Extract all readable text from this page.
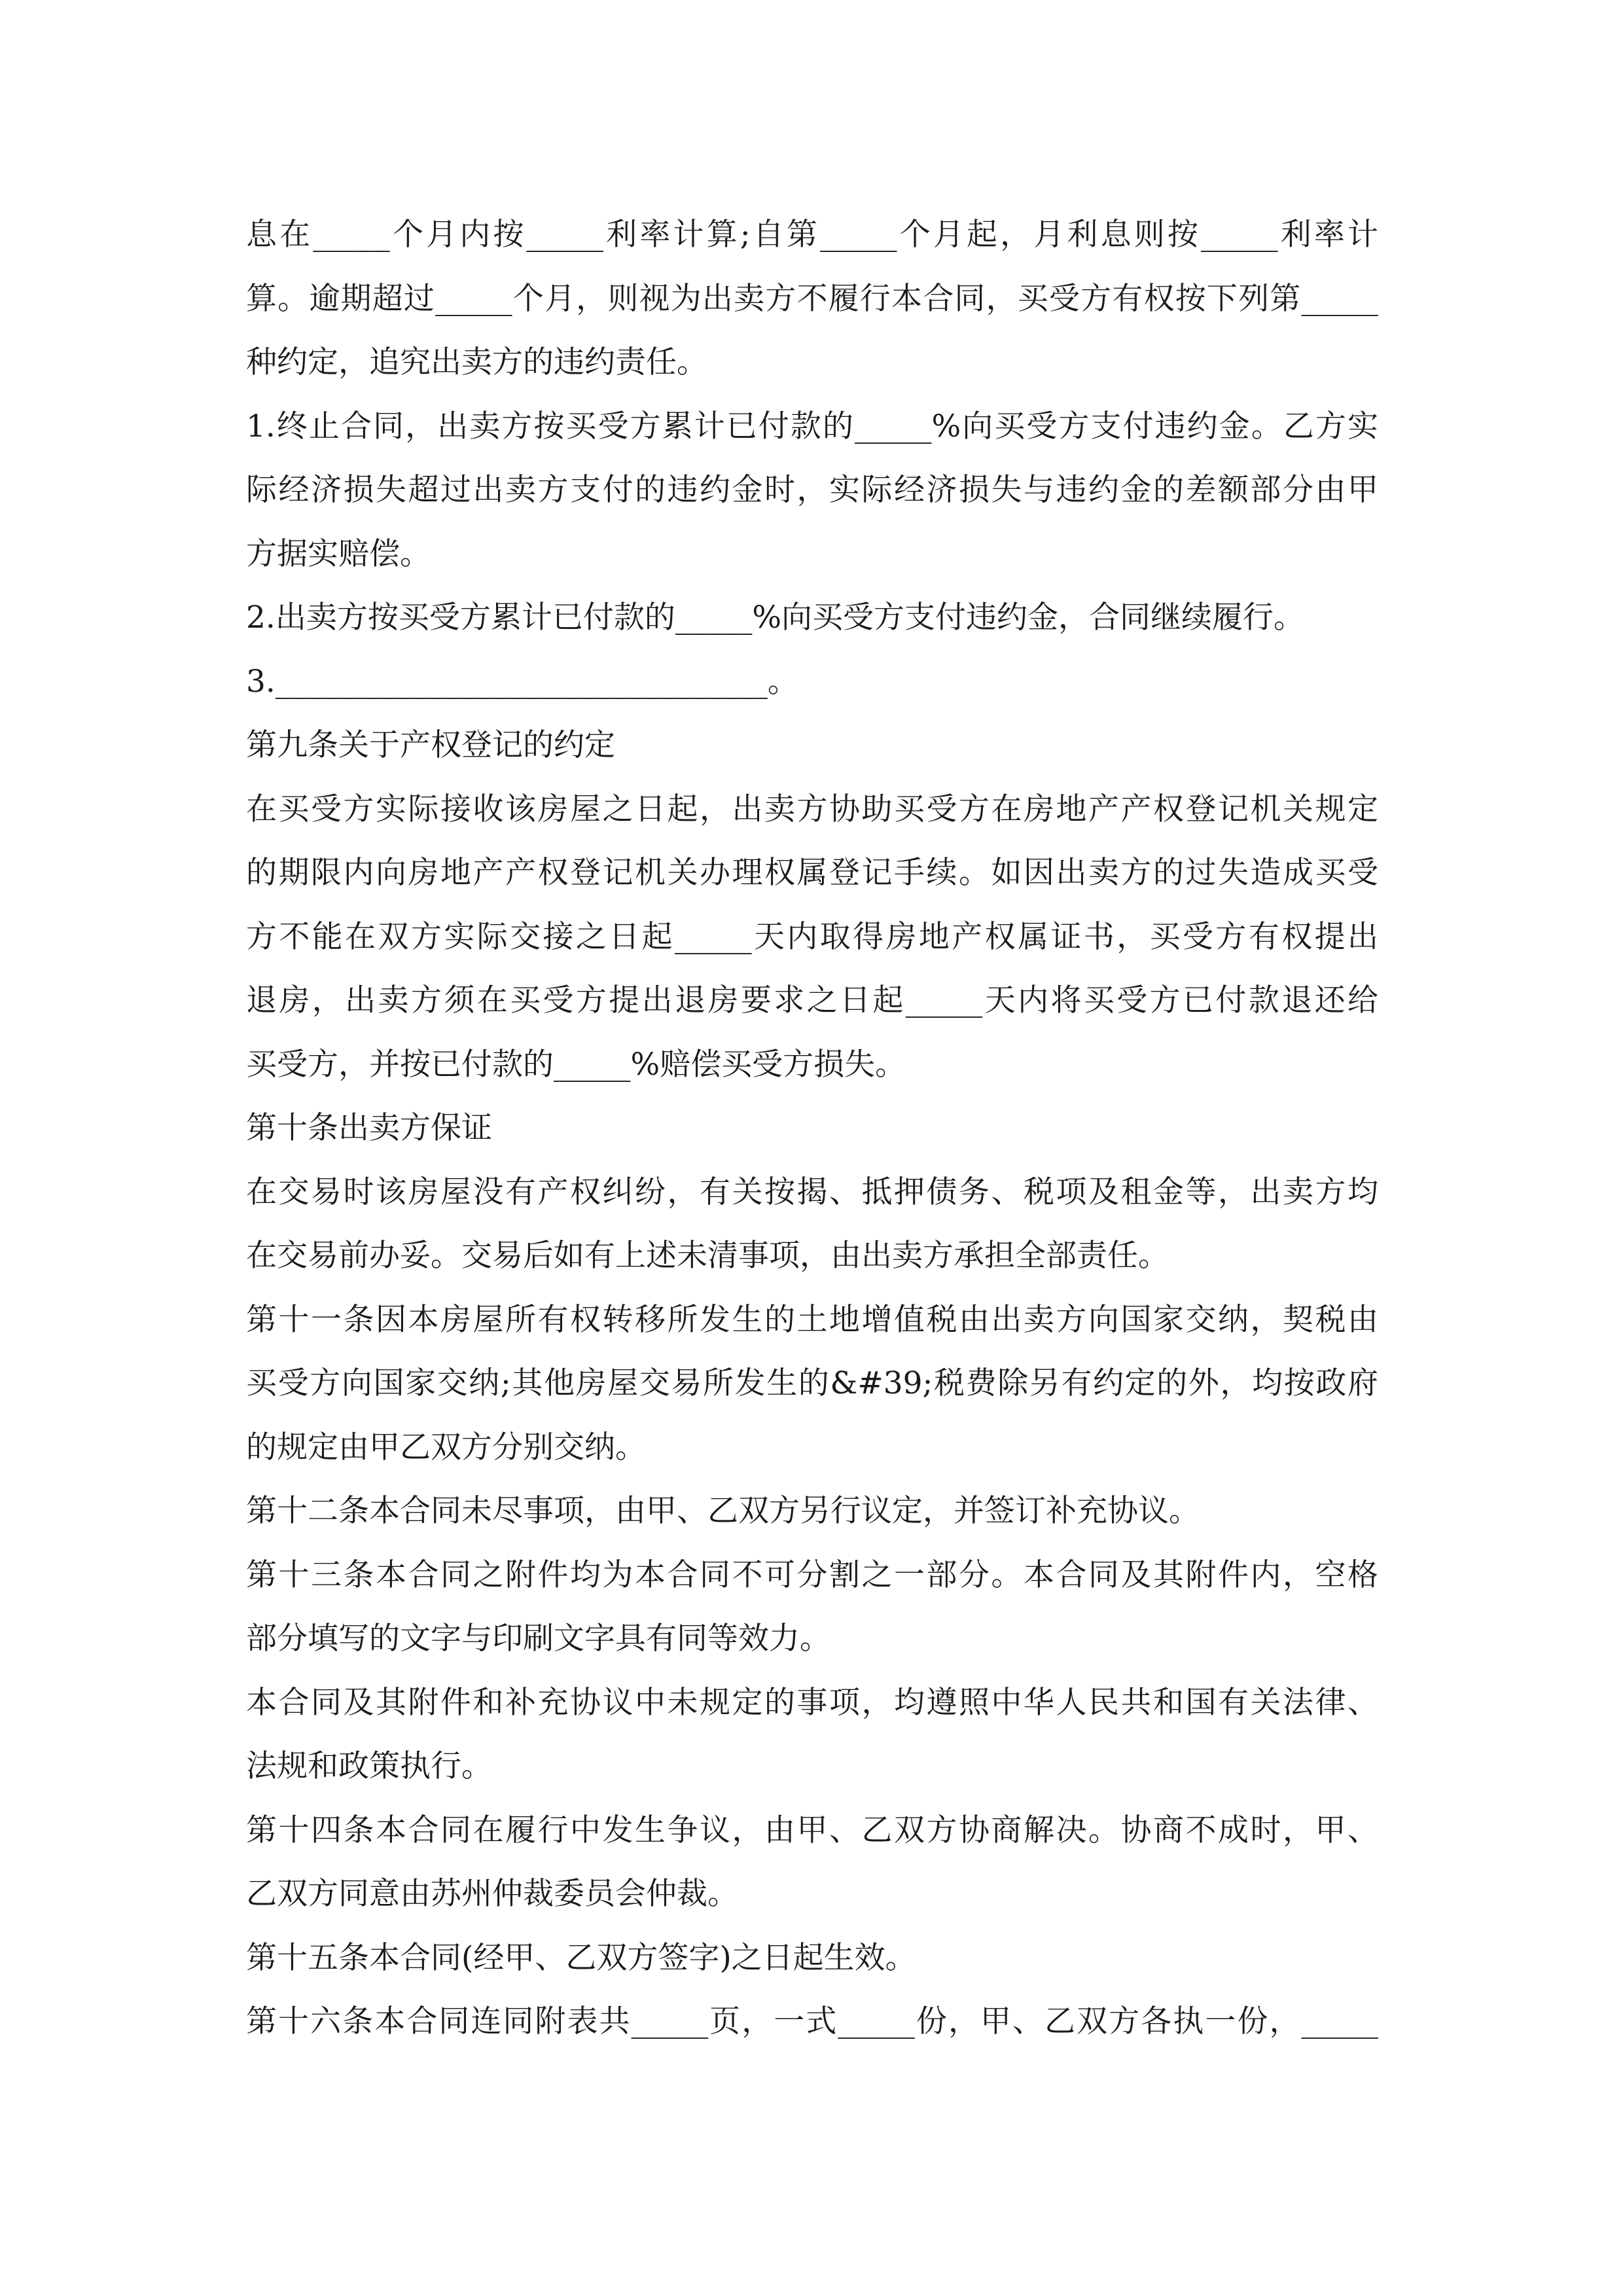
息在_____个月内按_____利率计算;自第_____个月起，月利息则按_____利率计
算。逾期超过_____个月，则视为出卖方不履行本合同，买受方有权按下列第_____
种约定，追究出卖方的违约责任。
1.终止合同，出卖方按买受方累计已付款的_____%向买受方支付违约金。乙方实
际经济损失超过出卖方支付的违约金时，实际经济损失与违约金的差额部分由甲
方据实赔偿。
2.出卖方按买受方累计已付款的_____%向买受方支付违约金，合同继续履行。
3.________________________________。
第九条关于产权登记的约定
在买受方实际接收该房屋之日起，出卖方协助买受方在房地产产权登记机关规定
的期限内向房地产产权登记机关办理权属登记手续。如因出卖方的过失造成买受
方不能在双方实际交接之日起_____天内取得房地产权属证书，买受方有权提出
退房，出卖方须在买受方提出退房要求之日起_____天内将买受方已付款退还给
买受方，并按已付款的_____%赔偿买受方损失。
第十条出卖方保证
在交易时该房屋没有产权纠纷，有关按揭、抵押债务、税项及租金等，出卖方均
在交易前办妥。交易后如有上述未清事项，由出卖方承担全部责任。
第十一条因本房屋所有权转移所发生的土地增值税由出卖方向国家交纳，契税由
买受方向国家交纳;其他房屋交易所发生的&#39;税费除另有约定的外，均按政府
的规定由甲乙双方分别交纳。
第十二条本合同未尽事项，由甲、乙双方另行议定，并签订补充协议。
第十三条本合同之附件均为本合同不可分割之一部分。本合同及其附件内，空格
部分填写的文字与印刷文字具有同等效力。
本合同及其附件和补充协议中未规定的事项，均遵照中华人民共和国有关法律、
法规和政策执行。
第十四条本合同在履行中发生争议，由甲、乙双方协商解决。协商不成时，甲、
乙双方同意由苏州仲裁委员会仲裁。
第十五条本合同(经甲、乙双方签字)之日起生效。
第十六条本合同连同附表共_____页，一式_____份，甲、乙双方各执一份，_____
